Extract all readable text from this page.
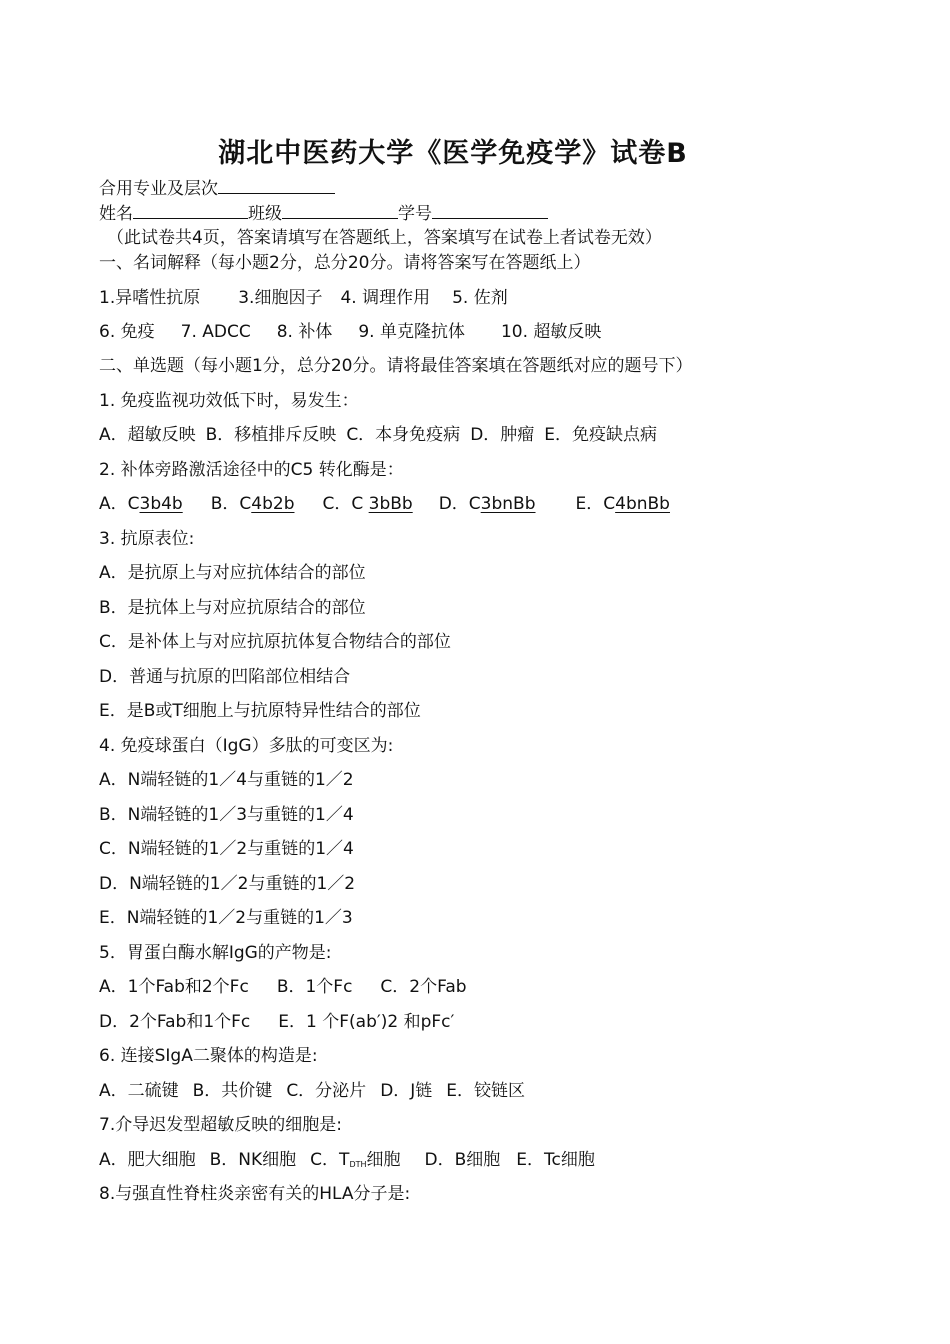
湖北中医药大学《医学免疫学》试卷B
合用专业及层次
姓名	班级	学号
（此试卷共4页，答案请填写在答题纸上，答案填写在试卷上者试卷无效）
一、名词解释（每小题2分，总分20分。请将答案写在答题纸上）
1.异嗜性抗原 3.细胞因子 4. 调理作用 5. 佐剂
6. 免疫 7. ADCC 8. 补体 9. 单克隆抗体 10. 超敏反映
二、单选题（每小题1分，总分20分。请将最佳答案填在答题纸对应的题号下）
1. 免疫监视功效低下时，易发生：
A．超敏反映 B．移植排斥反映 C．本身免疫病 D．肿瘤 E．免疫缺点病
2. 补体旁路激活途径中的C5 转化酶是：
A．C3b4b B．C4b2b C．C 3bBb D．C3bnBb E．C4bnBb
3. 抗原表位:
A．是抗原上与对应抗体结合的部位
B．是抗体上与对应抗原结合的部位
C．是补体上与对应抗原抗体复合物结合的部位
D．普通与抗原的凹陷部位相结合
E．是B或T细胞上与抗原特异性结合的部位
4. 免疫球蛋白（IgG）多肽的可变区为:
A．N端轻链的1／4与重链的1／2
B．N端轻链的1／3与重链的1／4
C．N端轻链的1／2与重链的1／4
D．N端轻链的1／2与重链的1／2
E．N端轻链的1／2与重链的1／3
5．胃蛋白酶水解IgG的产物是:
A．1个Fab和2个Fc B．1个Fc C．2个Fab
D．2个Fab和1个Fc E．1 个F(ab′)2 和pFc′
6. 连接SIgA二聚体的构造是:
A．二硫键 B．共价键 C．分泌片 D．J链 E．铰链区
7.介导迟发型超敏反映的细胞是:
A．肥大细胞 B．NK细胞 C．$T_{DTH}$细胞 D．B细胞 E．Tc细胞
8.与强直性脊柱炎亲密有关的HLA分子是:
